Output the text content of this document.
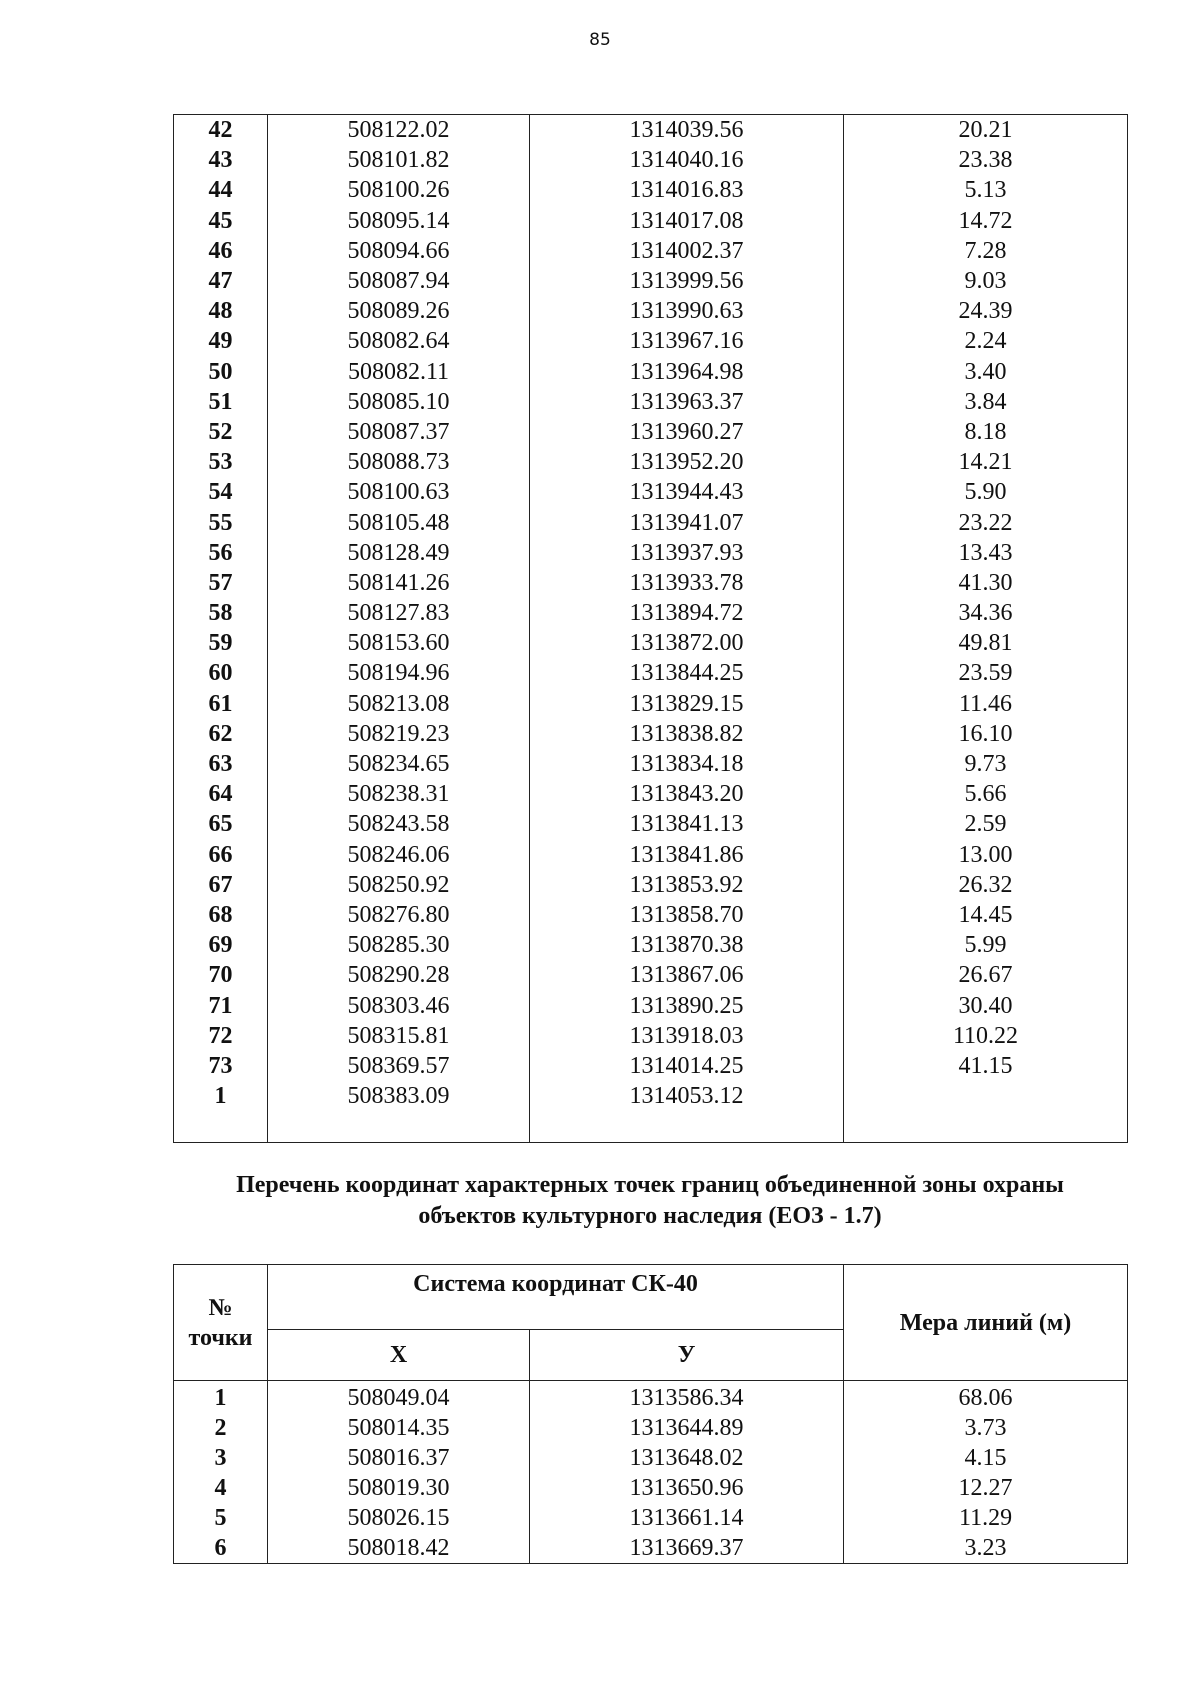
85
42	508122.02	1314039.56	20.21
43	508101.82	1314040.16	23.38
44	508100.26	1314016.83	5.13
45	508095.14	1314017.08	14.72
46	508094.66	1314002.37	7.28
47	508087.94	1313999.56	9.03
48	508089.26	1313990.63	24.39
49	508082.64	1313967.16	2.24
50	508082.11	1313964.98	3.40
51	508085.10	1313963.37	3.84
52	508087.37	1313960.27	8.18
53	508088.73	1313952.20	14.21
54	508100.63	1313944.43	5.90
55	508105.48	1313941.07	23.22
56	508128.49	1313937.93	13.43
57	508141.26	1313933.78	41.30
58	508127.83	1313894.72	34.36
59	508153.60	1313872.00	49.81
60	508194.96	1313844.25	23.59
61	508213.08	1313829.15	11.46
62	508219.23	1313838.82	16.10
63	508234.65	1313834.18	9.73
64	508238.31	1313843.20	5.66
65	508243.58	1313841.13	2.59
66	508246.06	1313841.86	13.00
67	508250.92	1313853.92	26.32
68	508276.80	1313858.70	14.45
69	508285.30	1313870.38	5.99
70	508290.28	1313867.06	26.67
71	508303.46	1313890.25	30.40
72	508315.81	1313918.03	110.22
73	508369.57	1314014.25	41.15
1	508383.09	1314053.12	

Перечень координат характерных точек границ объединенной зоны охраны
объектов культурного наследия (ЕОЗ - 1.7)
№
точки	Система координат СК-40		Мера линий (м)
	Х	У	
1	508049.04	1313586.34	68.06
2	508014.35	1313644.89	3.73
3	508016.37	1313648.02	4.15
4	508019.30	1313650.96	12.27
5	508026.15	1313661.14	11.29
6	508018.42	1313669.37	3.23
